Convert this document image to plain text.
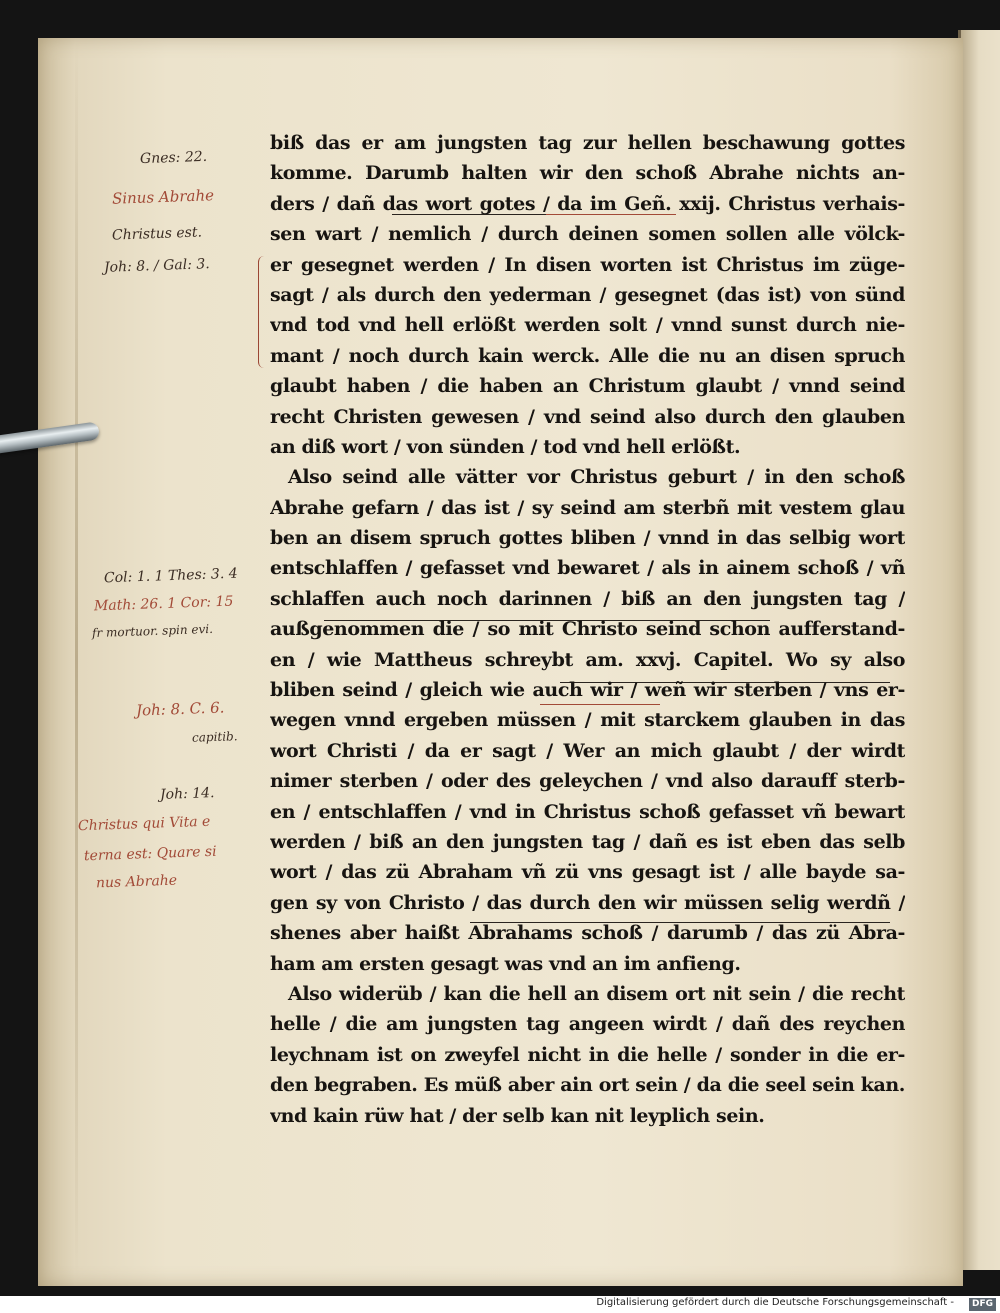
Gnes: 22.
Sinus Abrahe
Christus est.
Joh: 8. / Gal: 3.
Col: 1. 1 Thes: 3. 4
Math: 26. 1 Cor: 15
fr mortuor. spin evi.
Joh: 8. C. 6.
capitib.
Joh: 14.
Christus qui Vita e
terna est: Quare si
nus Abrahe
biß das er am jungsten tag zur hellen beschawung gottes
komme. Darumb halten wir den schoß Abrahe nichts an-
ders / dañ das wort gotes / da im Geñ. xxij. Christus verhais-
sen wart / nemlich / durch deinen somen sollen alle völck-
er gesegnet werden / In disen worten ist Christus im züge-
sagt / als durch den yederman / gesegnet (das ist) von sünd
vnd tod vnd hell erlößt werden solt / vnnd sunst durch nie-
mant / noch durch kain werck. Alle die nu an disen spruch
glaubt haben / die haben an Christum glaubt / vnnd seind
recht Christen gewesen / vnd seind also durch den glauben
an diß wort / von sünden / tod vnd hell erlößt.
Also seind alle vätter vor Christus geburt / in den schoß
Abrahe gefarn / das ist / sy seind am sterbñ mit vestem glau
ben an disem spruch gottes bliben / vnnd in das selbig wort
entschlaffen / gefasset vnd bewaret / als in ainem schoß / vñ
schlaffen auch noch darinnen / biß an den jungsten tag /
außgenommen die / so mit Christo seind schon aufferstand-
en / wie Mattheus schreybt am. xxvj. Capitel. Wo sy also
bliben seind / gleich wie auch wir / weñ wir sterben / vns er-
wegen vnnd ergeben müssen / mit starckem glauben in das
wort Christi / da er sagt / Wer an mich glaubt / der wirdt
nimer sterben / oder des geleychen / vnd also darauff sterb-
en / entschlaffen / vnd in Christus schoß gefasset vñ bewart
werden / biß an den jungsten tag / dañ es ist eben das selb
wort / das zü Abraham vñ zü vns gesagt ist / alle bayde sa-
gen sy von Christo / das durch den wir müssen selig werdñ /
shenes aber haißt Abrahams schoß / darumb / das zü Abra-
ham am ersten gesagt was vnd an im anfieng.
Also widerüb / kan die hell an disem ort nit sein / die recht
helle / die am jungsten tag angeen wirdt / dañ des reychen
leychnam ist on zweyfel nicht in die helle / sonder in die er-
den begraben. Es müß aber ain ort sein / da die seel sein kan.
vnd kain rüw hat / der selb kan nit leyplich sein.
Digitalisierung gefördert durch die Deutsche Forschungsgemeinschaft -	DFG
